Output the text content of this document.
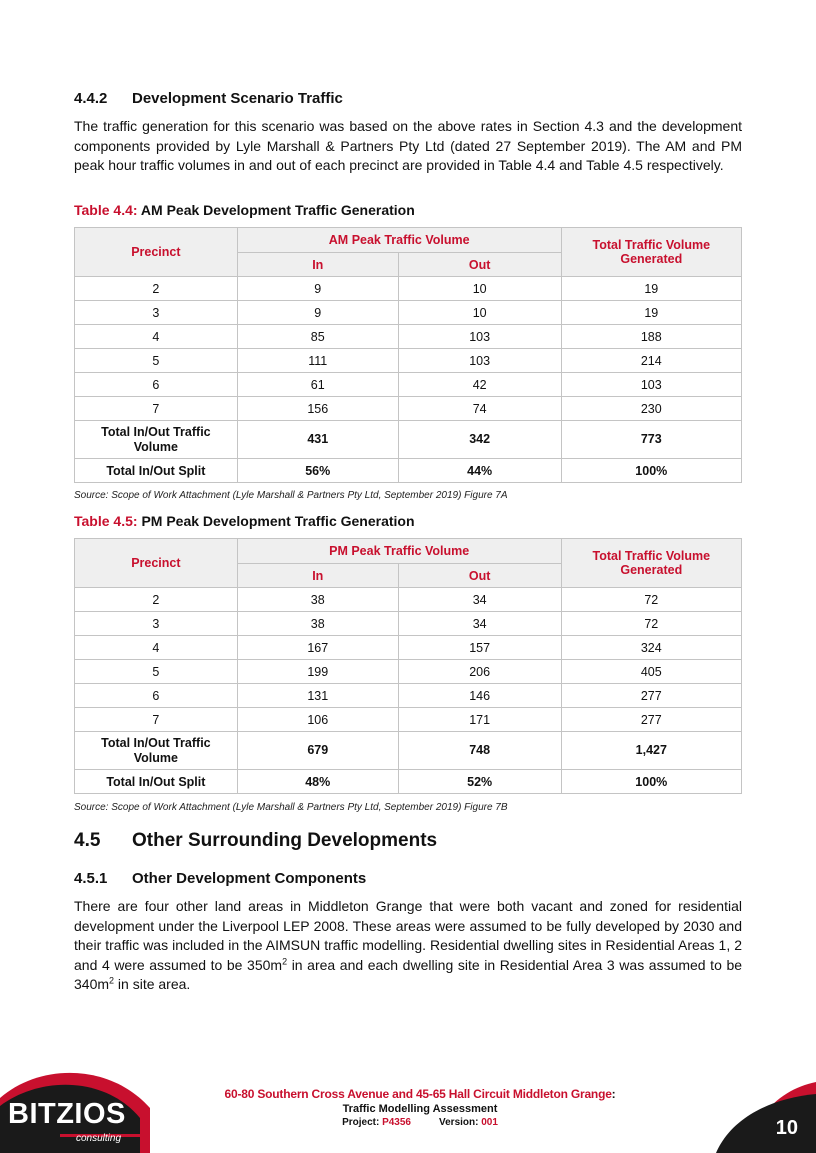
4.4.2 Development Scenario Traffic

The traffic generation for this scenario was based on the above rates in Section 4.3 and the development components provided by Lyle Marshall & Partners Pty Ltd (dated 27 September 2019). The AM and PM peak hour traffic volumes in and out of each precinct are provided in Table 4.4 and Table 4.5 respectively.

Table 4.4: AM Peak Development Traffic Generation
Precinct	AM Peak Traffic Volume		Total Traffic Volume Generated
	In	Out	
2	9	10	19
3	9	10	19
4	85	103	188
5	111	103	214
6	61	42	103
7	156	74	230
Total In/Out Traffic Volume	431	342	773
Total In/Out Split	56%	44%	100%
Source: Scope of Work Attachment (Lyle Marshall & Partners Pty Ltd, September 2019) Figure 7A
Table 4.5: PM Peak Development Traffic Generation
Precinct	PM Peak Traffic Volume		Total Traffic Volume Generated
	In	Out	
2	38	34	72
3	38	34	72
4	167	157	324
5	199	206	405
6	131	146	277
7	106	171	277
Total In/Out Traffic Volume	679	748	1,427
Total In/Out Split	48%	52%	100%
Source: Scope of Work Attachment (Lyle Marshall & Partners Pty Ltd, September 2019) Figure 7B
4.5 Other Surrounding Developments
4.5.1 Other Development Components

There are four other land areas in Middleton Grange that were both vacant and zoned for residential development under the Liverpool LEP 2008. These areas were assumed to be fully developed by 2030 and their traffic was included in the AIMSUN traffic modelling. Residential dwelling sites in Residential Areas 1, 2 and 4 were assumed to be $350m^2$ in area and each dwelling site in Residential Area 3 was assumed to be $340m^2$ in site area.

BITZIOS
consulting
60-80 Southern Cross Avenue and 45-65 Hall Circuit Middleton Grange:
Traffic Modelling Assessment
Project: P4356	Version: 001	10
